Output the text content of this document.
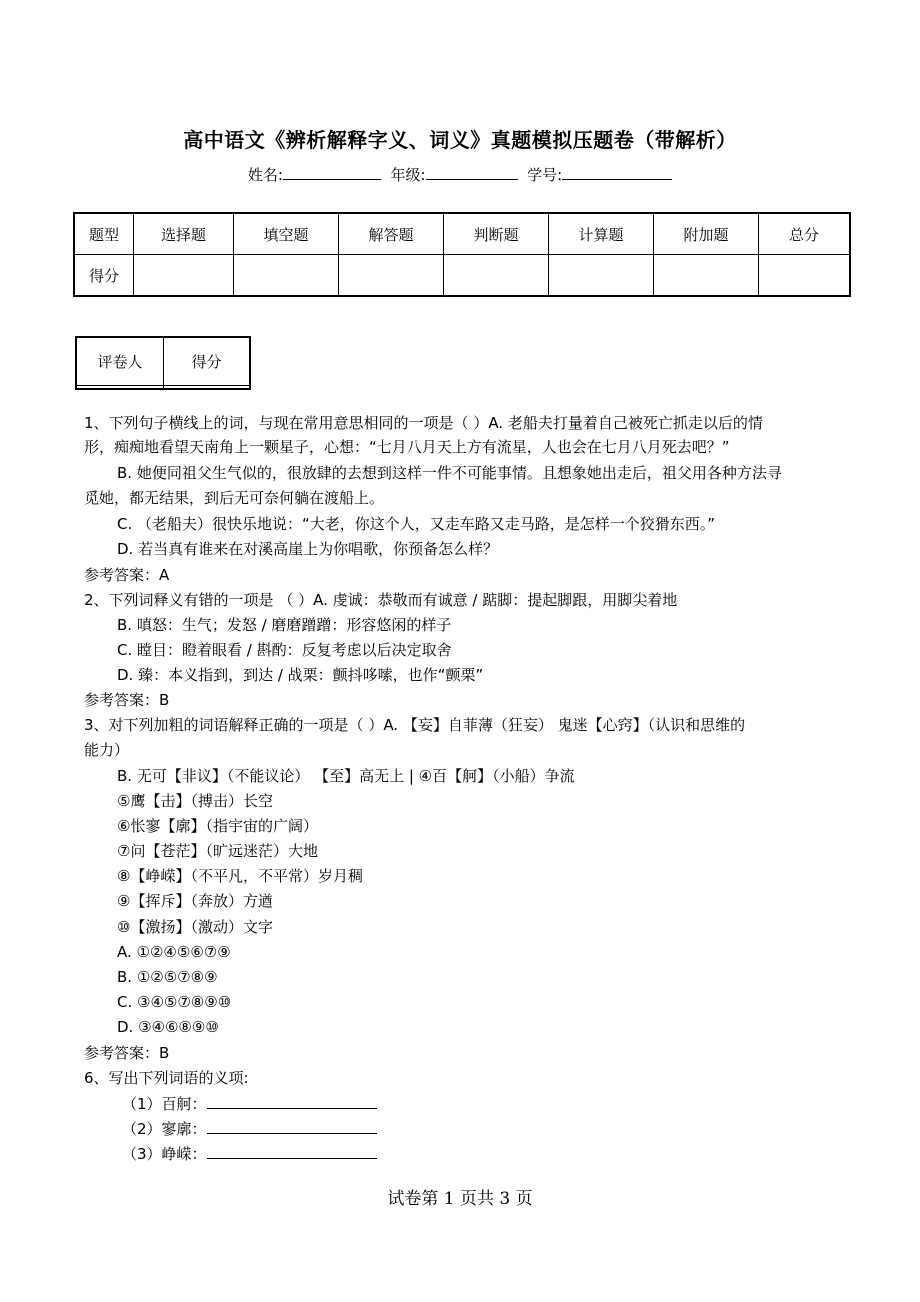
高中语文《辨析解释字义、词义》真题模拟压题卷（带解析）
姓名:	年级:	学号:
题型	选择题	填空题	解答题	判断题	计算题	附加题	总分
得分							
评卷人	得分

1、下列句子横线上的词，与现在常用意思相同的一项是（ ）A. 老船夫打量着自己被死亡抓走以后的情
形，痴痴地看望天南角上一颗星子，心想：“七月八月天上方有流星，人也会在七月八月死去吧？”
B. 她便同祖父生气似的，很放肆的去想到这样一件不可能事情。且想象她出走后，祖父用各种方法寻
觅她，都无结果，到后无可奈何躺在渡船上。
C. （老船夫）很快乐地说：“大老，你这个人，又走车路又走马路，是怎样一个狡猾东西。”
D. 若当真有谁来在对溪高崖上为你唱歌，你预备怎么样？
参考答案：A
2、下列词释义有错的一项是 （ ）A. 虔诚：恭敬而有诚意 / 踮脚：提起脚跟，用脚尖着地
B. 嗔怒：生气；发怒 / 磨磨蹭蹭：形容悠闲的样子
C. 瞠目：瞪着眼看 / 斟酌：反复考虑以后决定取舍
D. 臻：本义指到，到达 / 战栗：颤抖哆嗦，也作“颤栗”
参考答案：B
3、对下列加粗的词语解释正确的一项是（ ）A. 【妄】自菲薄（狂妄） 鬼迷【心窍】（认识和思维的
能力）
B. 无可【非议】（不能议论） 【至】高无上 | ④百【舸】（小船）争流
⑤鹰【击】（搏击）长空
⑥怅寥【廓】（指宇宙的广阔）
⑦问【苍茫】（旷远迷茫）大地
⑧【峥嵘】（不平凡，不平常）岁月稠
⑨【挥斥】（奔放）方遒
⑩【激扬】（激动）文字
A. ①②④⑤⑥⑦⑨
B. ①②⑤⑦⑧⑨
C. ③④⑤⑦⑧⑨⑩
D. ③④⑥⑧⑨⑩
参考答案：B
6、写出下列词语的义项:
（1）百舸：
（2）寥廓：
（3）峥嵘：
试卷第 1 页共 3 页
